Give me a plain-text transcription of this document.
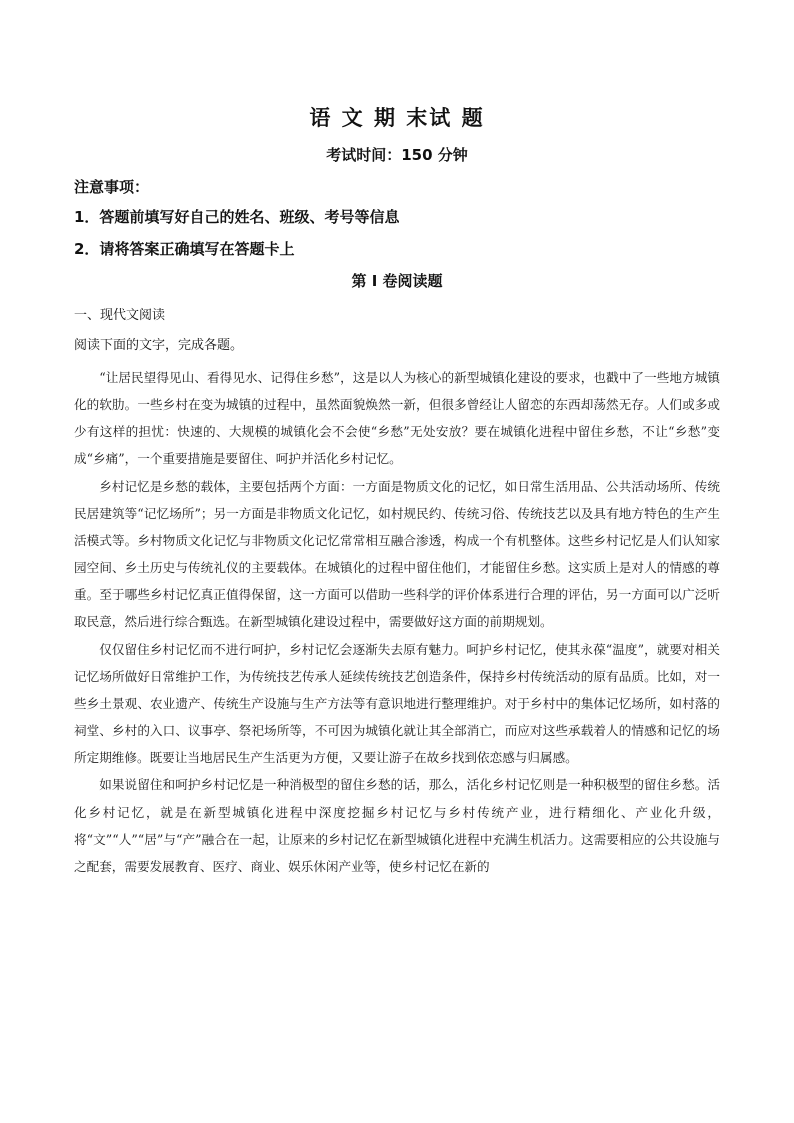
语 文 期 末试 题
考试时间：150 分钟
注意事项：
1．答题前填写好自己的姓名、班级、考号等信息
2．请将答案正确填写在答题卡上
第 I 卷阅读题
一、现代文阅读
阅读下面的文字，完成各题。

“让居民望得见山、看得见水、记得住乡愁”，这是以人为核心的新型城镇化建设的要求，也戳中了一些地方城镇化的软肋。一些乡村在变为城镇的过程中，虽然面貌焕然一新，但很多曾经让人留恋的东西却荡然无存。人们或多或少有这样的担忧：快速的、大规模的城镇化会不会使“乡愁”无处安放？要在城镇化进程中留住乡愁，不让“乡愁”变成“乡痛”，一个重要措施是要留住、呵护并活化乡村记忆。

乡村记忆是乡愁的载体，主要包括两个方面：一方面是物质文化的记忆，如日常生活用品、公共活动场所、传统民居建筑等“记忆场所”；另一方面是非物质文化记忆，如村规民约、传统习俗、传统技艺以及具有地方特色的生产生活模式等。乡村物质文化记忆与非物质文化记忆常常相互融合渗透，构成一个有机整体。这些乡村记忆是人们认知家园空间、乡土历史与传统礼仪的主要载体。在城镇化的过程中留住他们，才能留住乡愁。这实质上是对人的情感的尊重。至于哪些乡村记忆真正值得保留，这一方面可以借助一些科学的评价体系进行合理的评估，另一方面可以广泛听取民意，然后进行综合甄选。在新型城镇化建设过程中，需要做好这方面的前期规划。

仅仅留住乡村记忆而不进行呵护，乡村记忆会逐渐失去原有魅力。呵护乡村记忆，使其永葆“温度”，就要对相关记忆场所做好日常维护工作，为传统技艺传承人延续传统技艺创造条件，保持乡村传统活动的原有品质。比如，对一些乡土景观、农业遗产、传统生产设施与生产方法等有意识地进行整理维护。对于乡村中的集体记忆场所，如村落的祠堂、乡村的入口、议事亭、祭祀场所等，不可因为城镇化就让其全部消亡，而应对这些承载着人的情感和记忆的场所定期维修。既要让当地居民生产生活更为方便，又要让游子在故乡找到依恋感与归属感。

如果说留住和呵护乡村记忆是一种消极型的留住乡愁的话，那么，活化乡村记忆则是一种积极型的留住乡愁。活化乡村记忆，就是在新型城镇化进程中深度挖掘乡村记忆与乡村传统产业，进行精细化、产业化升级，将“文”“人”“居”与“产”融合在一起，让原来的乡村记忆在新型城镇化进程中充满生机活力。这需要相应的公共设施与之配套，需要发展教育、医疗、商业、娱乐休闲产业等，使乡村记忆在新的
